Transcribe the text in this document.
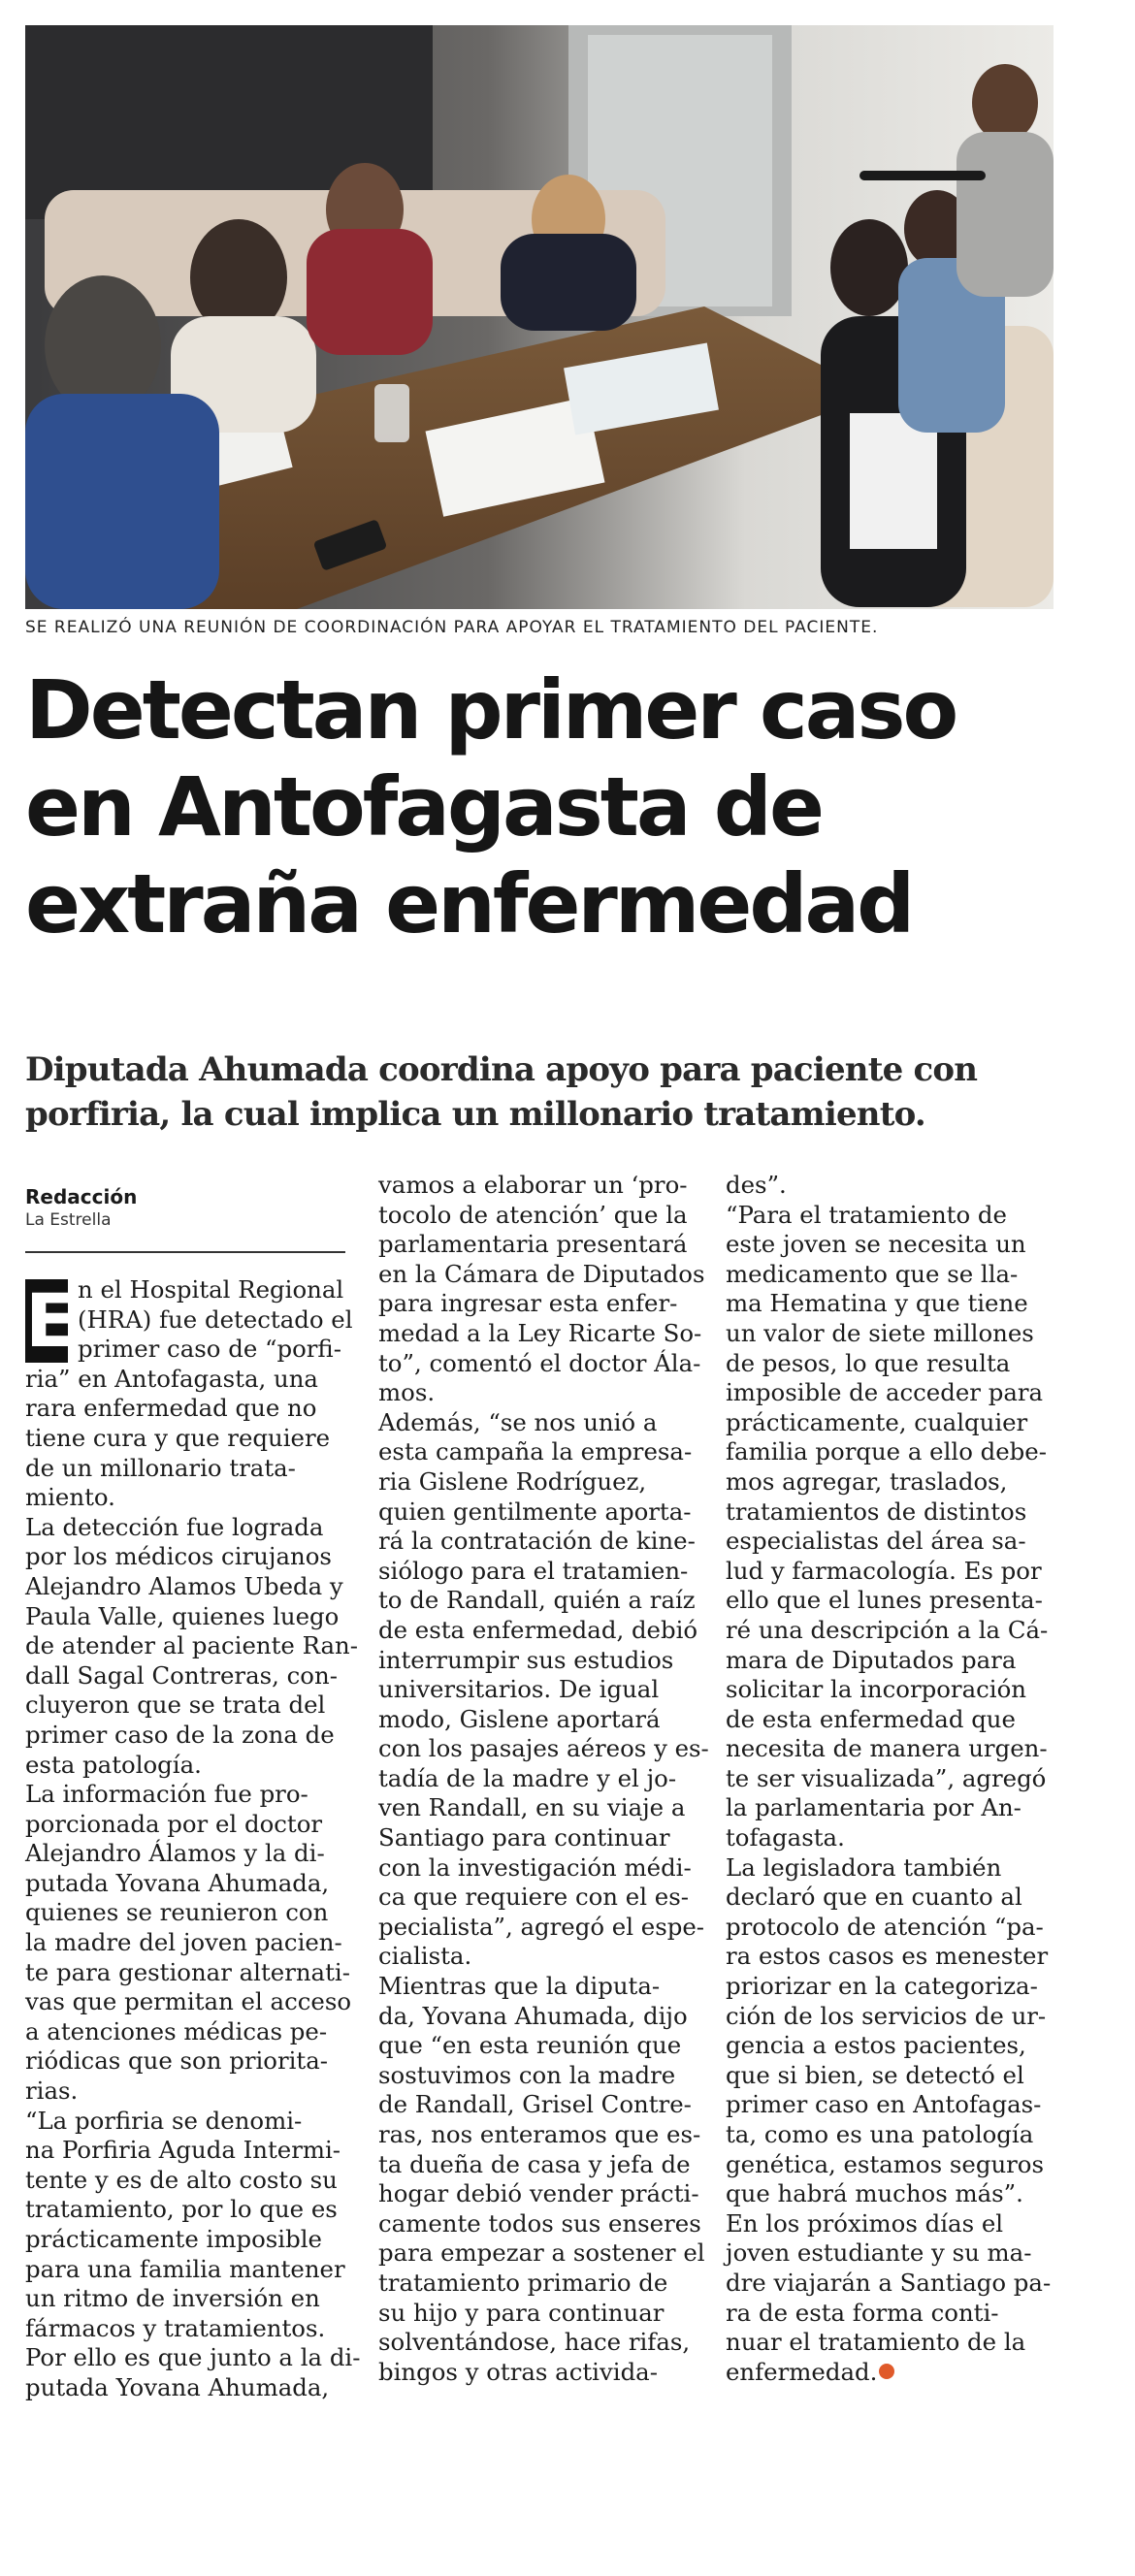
SE REALIZÓ UNA REUNIÓN DE COORDINACIÓN PARA APOYAR EL TRATAMIENTO DEL PACIENTE.
Detectan primer caso
en Antofagasta de
extraña enfermedad
Diputada Ahumada coordina apoyo para paciente con
porfiria, la cual implica un millonario tratamiento.
Redacción
La Estrella
E n el Hospital Regional
(HRA) fue detectado el
primer caso de “porfi-
ria” en Antofagasta, una
rara enfermedad que no
tiene cura y que requiere
de un millonario trata-
miento.
La detección fue lograda
por los médicos cirujanos
Alejandro Alamos Ubeda y
Paula Valle, quienes luego
de atender al paciente Ran-
dall Sagal Contreras, con-
cluyeron que se trata del
primer caso de la zona de
esta patología.
La información fue pro-
porcionada por el doctor
Alejandro Álamos y la di-
putada Yovana Ahumada,
quienes se reunieron con
la madre del joven pacien-
te para gestionar alternati-
vas que permitan el acceso
a atenciones médicas pe-
riódicas que son priorita-
rias.
“La porfiria se denomi-
na Porfiria Aguda Intermi-
tente y es de alto costo su
tratamiento, por lo que es
prácticamente imposible
para una familia mantener
un ritmo de inversión en
fármacos y tratamientos.
Por ello es que junto a la di-
putada Yovana Ahumada,
vamos a elaborar un ‘pro-
tocolo de atención’ que la
parlamentaria presentará
en la Cámara de Diputados
para ingresar esta enfer-
medad a la Ley Ricarte So-
to”, comentó el doctor Ála-
mos.
Además, “se nos unió a
esta campaña la empresa-
ria Gislene Rodríguez,
quien gentilmente aporta-
rá la contratación de kine-
siólogo para el tratamien-
to de Randall, quién a raíz
de esta enfermedad, debió
interrumpir sus estudios
universitarios. De igual
modo, Gislene aportará
con los pasajes aéreos y es-
tadía de la madre y el jo-
ven Randall, en su viaje a
Santiago para continuar
con la investigación médi-
ca que requiere con el es-
pecialista”, agregó el espe-
cialista.
Mientras que la diputa-
da, Yovana Ahumada, dijo
que “en esta reunión que
sostuvimos con la madre
de Randall, Grisel Contre-
ras, nos enteramos que es-
ta dueña de casa y jefa de
hogar debió vender prácti-
camente todos sus enseres
para empezar a sostener el
tratamiento primario de
su hijo y para continuar
solventándose, hace rifas,
bingos y otras activida-
des”.
“Para el tratamiento de
este joven se necesita un
medicamento que se lla-
ma Hematina y que tiene
un valor de siete millones
de pesos, lo que resulta
imposible de acceder para
prácticamente, cualquier
familia porque a ello debe-
mos agregar, traslados,
tratamientos de distintos
especialistas del área sa-
lud y farmacología. Es por
ello que el lunes presenta-
ré una descripción a la Cá-
mara de Diputados para
solicitar la incorporación
de esta enfermedad que
necesita de manera urgen-
te ser visualizada”, agregó
la parlamentaria por An-
tofagasta.
La legisladora también
declaró que en cuanto al
protocolo de atención “pa-
ra estos casos es menester
priorizar en la categoriza-
ción de los servicios de ur-
gencia a estos pacientes,
que si bien, se detectó el
primer caso en Antofagas-
ta, como es una patología
genética, estamos seguros
que habrá muchos más”.
En los próximos días el
joven estudiante y su ma-
dre viajarán a Santiago pa-
ra de esta forma conti-
nuar el tratamiento de la
enfermedad.
